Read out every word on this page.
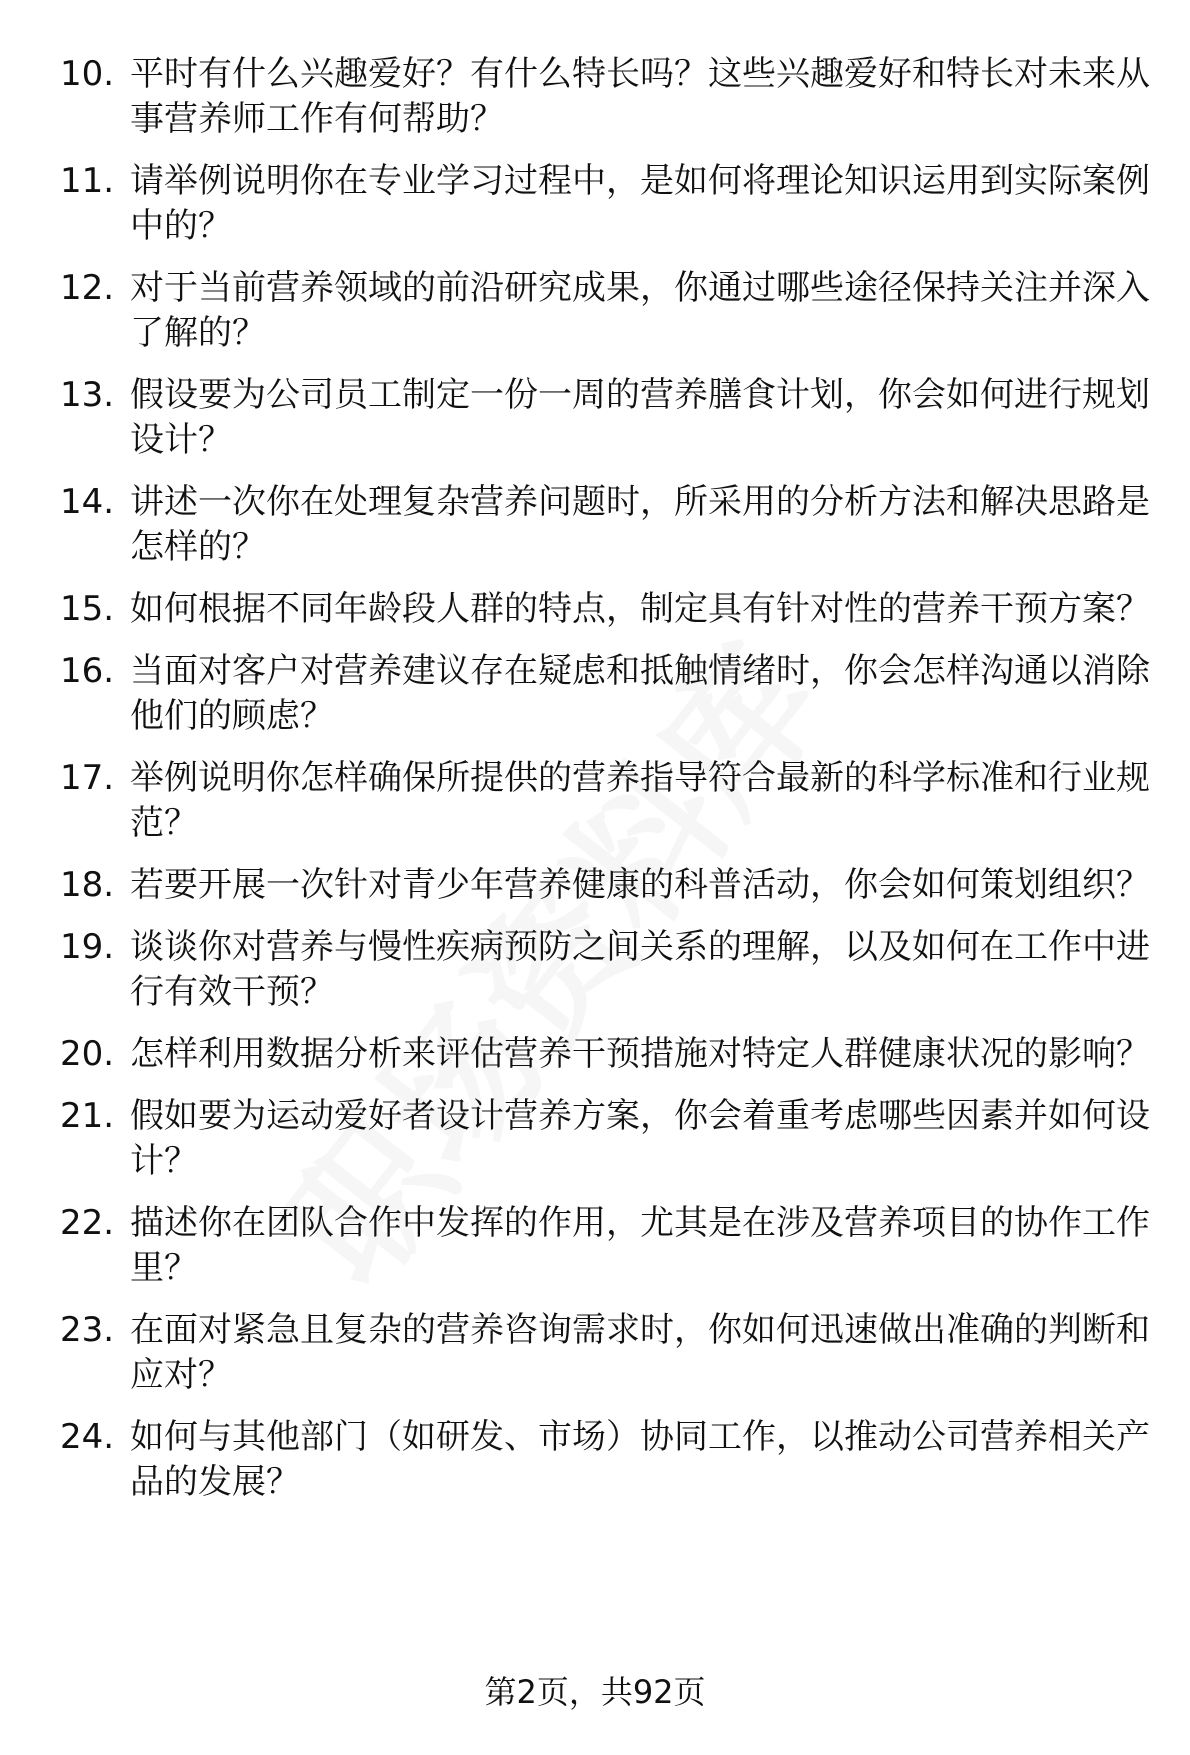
10. 平时有什么兴趣爱好？有什么特长吗？这些兴趣爱好和特长对未来从事营养师工作有何帮助？
11. 请举例说明你在专业学习过程中，是如何将理论知识运用到实际案例中的？
12. 对于当前营养领域的前沿研究成果，你通过哪些途径保持关注并深入了解的？
13. 假设要为公司员工制定一份一周的营养膳食计划，你会如何进行规划设计？
14. 讲述一次你在处理复杂营养问题时，所采用的分析方法和解决思路是怎样的？
15. 如何根据不同年龄段人群的特点，制定具有针对性的营养干预方案？
16. 当面对客户对营养建议存在疑虑和抵触情绪时，你会怎样沟通以消除他们的顾虑？
17. 举例说明你怎样确保所提供的营养指导符合最新的科学标准和行业规范？
18. 若要开展一次针对青少年营养健康的科普活动，你会如何策划组织？
19. 谈谈你对营养与慢性疾病预防之间关系的理解，以及如何在工作中进行有效干预？
20. 怎样利用数据分析来评估营养干预措施对特定人群健康状况的影响？
21. 假如要为运动爱好者设计营养方案，你会着重考虑哪些因素并如何设计？
22. 描述你在团队合作中发挥的作用，尤其是在涉及营养项目的协作工作里？
23. 在面对紧急且复杂的营养咨询需求时，你如何迅速做出准确的判断和应对？
24. 如何与其他部门（如研发、市场）协同工作，以推动公司营养相关产品的发展？
第2页，共92页
